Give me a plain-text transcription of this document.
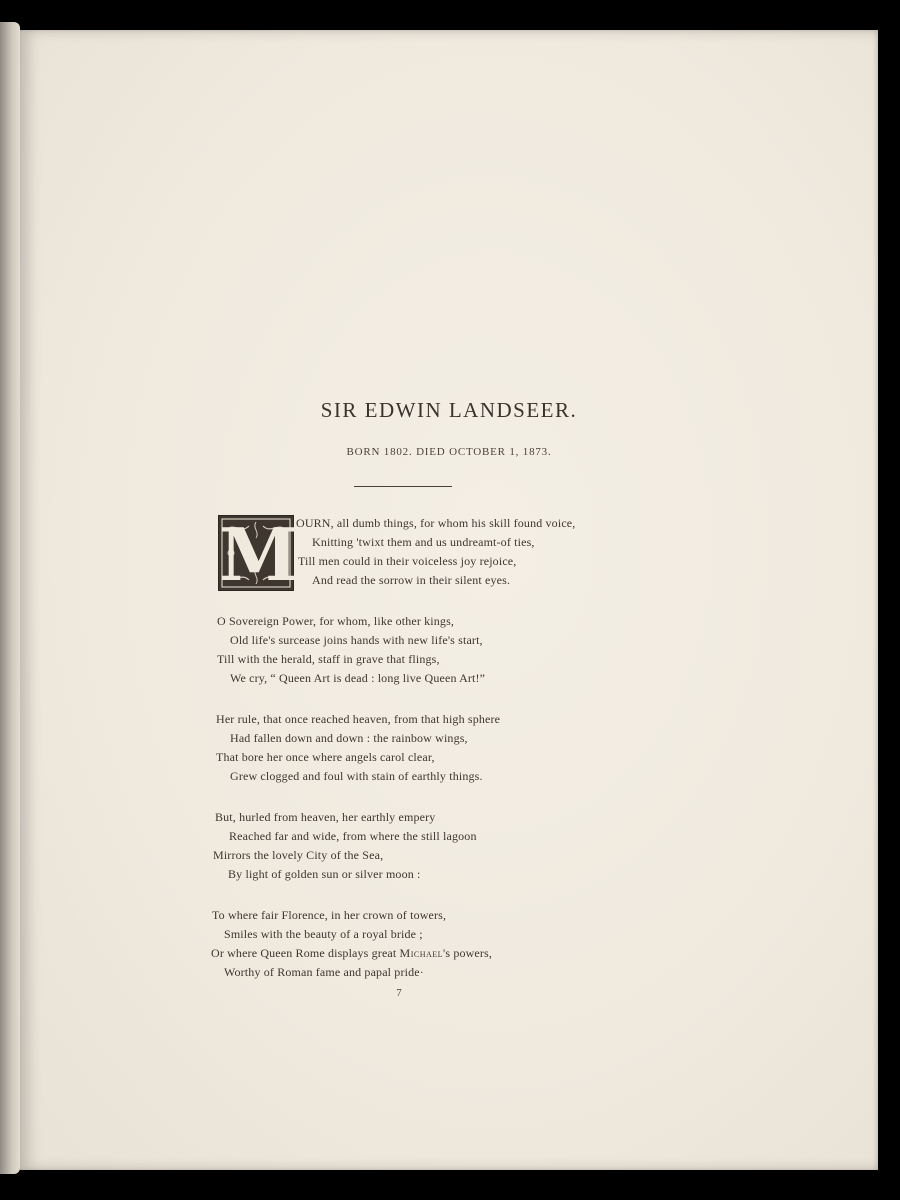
SIR EDWIN LANDSEER.
BORN 1802. DIED OCTOBER 1, 1873.
M
OURN, all dumb things, for whom his skill found voice,
Knitting 'twixt them and us undreamt-of ties,
Till men could in their voiceless joy rejoice,
And read the sorrow in their silent eyes.
O Sovereign Power, for whom, like other kings,
Old life's surcease joins hands with new life's start,
Till with the herald, staff in grave that flings,
We cry, “ Queen Art is dead : long live Queen Art!”
Her rule, that once reached heaven, from that high sphere
Had fallen down and down : the rainbow wings,
That bore her once where angels carol clear,
Grew clogged and foul with stain of earthly things.
But, hurled from heaven, her earthly empery
Reached far and wide, from where the still lagoon
Mirrors the lovely City of the Sea,
By light of golden sun or silver moon :
To where fair Florence, in her crown of towers,
Smiles with the beauty of a royal bride ;
Or where Queen Rome displays great Michael's powers,
Worthy of Roman fame and papal pride·
7
